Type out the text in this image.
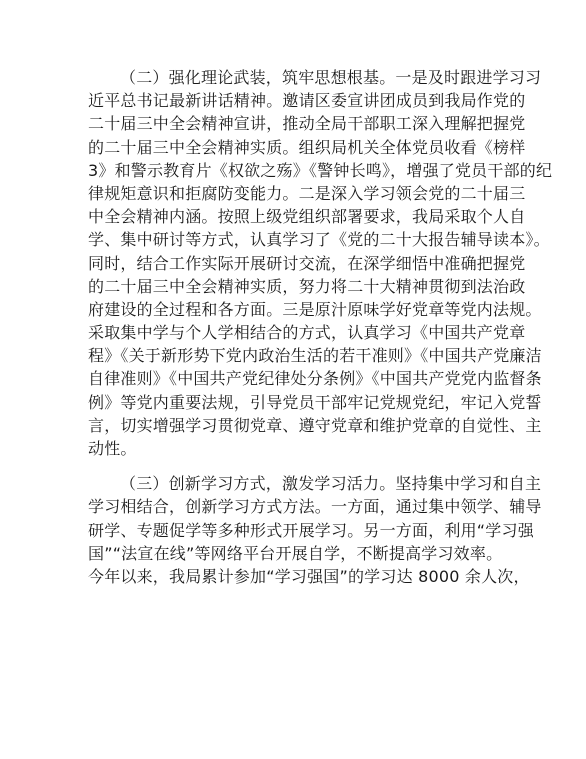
（二）强化理论武装，筑牢思想根基。一是及时跟进学习习
近平总书记最新讲话精神。邀请区委宣讲团成员到我局作党的
二十届三中全会精神宣讲，推动全局干部职工深入理解把握党
的二十届三中全会精神实质。组织局机关全体党员收看《榜样
3》和警示教育片《权欲之殇》《警钟长鸣》，增强了党员干部的纪
律规矩意识和拒腐防变能力。二是深入学习领会党的二十届三
中全会精神内涵。按照上级党组织部署要求，我局采取个人自
学、集中研讨等方式，认真学习了《党的二十大报告辅导读本》。
同时，结合工作实际开展研讨交流，在深学细悟中准确把握党
的二十届三中全会精神实质，努力将二十大精神贯彻到法治政
府建设的全过程和各方面。三是原汁原味学好党章等党内法规。
采取集中学与个人学相结合的方式，认真学习《中国共产党章
程》《关于新形势下党内政治生活的若干准则》《中国共产党廉洁
自律准则》《中国共产党纪律处分条例》《中国共产党党内监督条
例》等党内重要法规，引导党员干部牢记党规党纪，牢记入党誓
言，切实增强学习贯彻党章、遵守党章和维护党章的自觉性、主
动性。
（三）创新学习方式，激发学习活力。坚持集中学习和自主
学习相结合，创新学习方式方法。一方面，通过集中领学、辅导
研学、专题促学等多种形式开展学习。另一方面，利用“学习强
国”“法宣在线”等网络平台开展自学，不断提高学习效率。
今年以来，我局累计参加“学习强国”的学习达 8000 余人次，
